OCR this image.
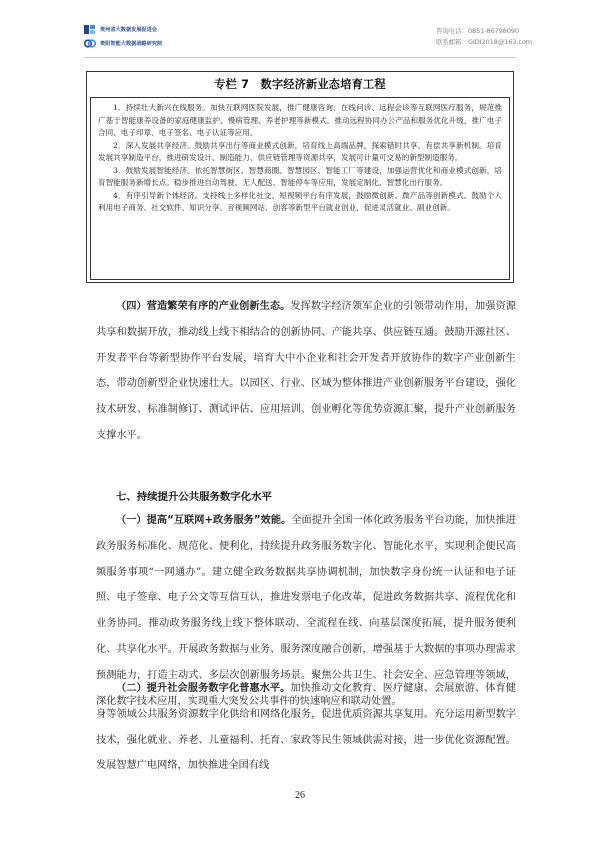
贵州省大数据发展促进会
贵阳智能大数据战略研究院
咨询电话：0851-86798090
联系邮箱：GIDI2018@163.com
专栏 7　数字经济新业态培育工程

1．持续壮大新兴在线服务。加快互联网医院发展，推广健康咨询、在线问诊、远程会诊等互联网医疗服务，规范推广基于智能康养设备的家庭健康监护、慢病管理、养老护理等新模式。推动远程协同办公产品和服务优化升级，推广电子合同、电子印章、电子签名、电子认证等应用。

2．深入发展共享经济。鼓励共享出行等商业模式创新，培育线上高端品牌，探索错时共享、有偿共享新机制。培育发展共享制造平台，推进研发设计、制造能力、供应链管理等资源共享，发展可计量可交易的新型制造服务。

3．鼓励发展智能经济。依托智慧街区、智慧商圈、智慧园区、智能工厂等建设，加强运营优化和商业模式创新，培育智能服务新增长点。稳步推进自动驾驶、无人配送、智能停车等应用，发展定制化、智慧化出行服务。

4．有序引导新个体经济。支持线上多样化社交、短视频平台有序发展，鼓励微创新、微产品等创新模式。鼓励个人利用电子商务、社交软件、知识分享、音视频网站、创客等新型平台就业创业，促进灵活就业、副业创新。

（四）营造繁荣有序的产业创新生态。发挥数字经济领军企业的引领带动作用，加强资源共享和数据开放，推动线上线下相结合的创新协同、产能共享、供应链互通。鼓励开源社区、开发者平台等新型协作平台发展，培育大中小企业和社会开发者开放协作的数字产业创新生态，带动创新型企业快速壮大。以园区、行业、区域为整体推进产业创新服务平台建设，强化技术研发、标准制修订、测试评估、应用培训、创业孵化等优势资源汇聚，提升产业创新服务支撑水平。

七、持续提升公共服务数字化水平

（一）提高“互联网+政务服务”效能。全面提升全国一体化政务服务平台功能，加快推进政务服务标准化、规范化、便利化，持续提升政务服务数字化、智能化水平，实现利企便民高频服务事项“一网通办”。建立健全政务数据共享协调机制，加快数字身份统一认证和电子证照、电子签章、电子公文等互信互认，推进发票电子化改革，促进政务数据共享、流程优化和业务协同。推动政务服务线上线下整体联动、全流程在线、向基层深度拓展，提升服务便利化、共享化水平。开展政务数据与业务、服务深度融合创新，增强基于大数据的事项办理需求预测能力，打造主动式、多层次创新服务场景。聚焦公共卫生、社会安全、应急管理等领域，深化数字技术应用，实现重大突发公共事件的快速响应和联动处置。

（二）提升社会服务数字化普惠水平。加快推动文化教育、医疗健康、会展旅游、体育健身等领域公共服务资源数字化供给和网络化服务，促进优质资源共享复用。充分运用新型数字技术，强化就业、养老、儿童福利、托育、家政等民生领域供需对接，进一步优化资源配置。发展智慧广电网络，加快推进全国有线

26
